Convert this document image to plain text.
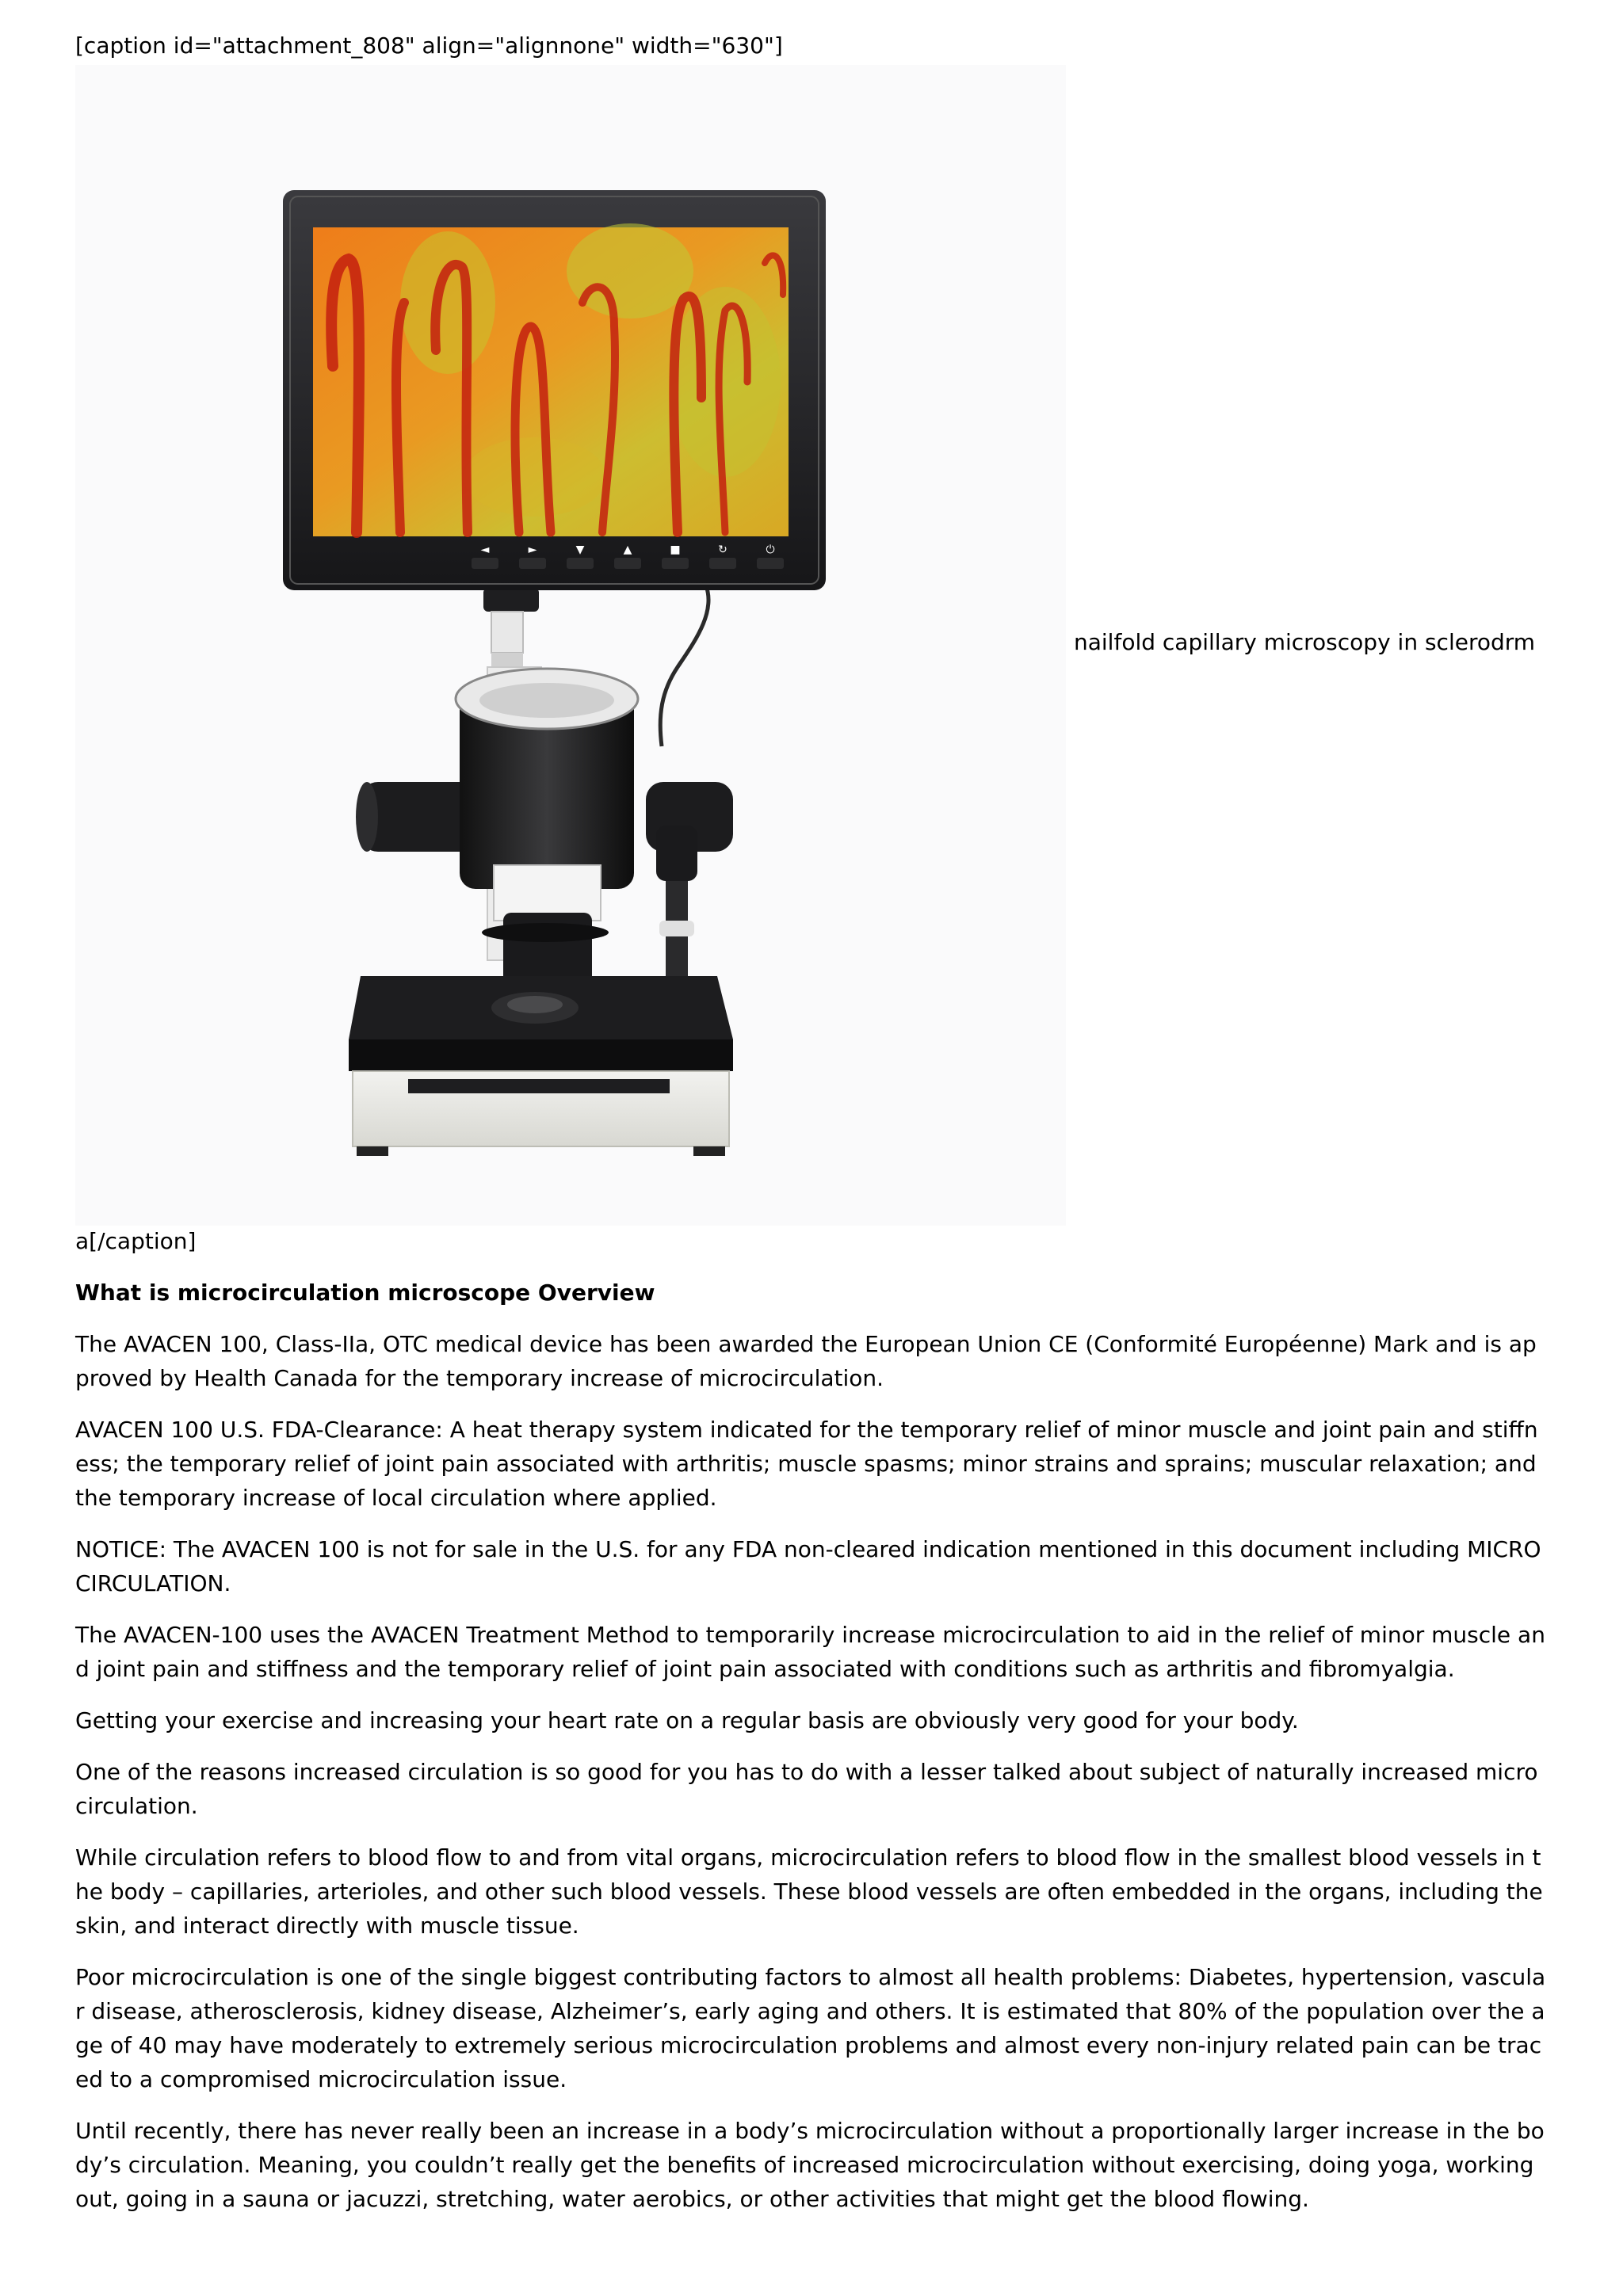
[caption id="attachment_808" align="alignnone" width="630"]

◄	►	▼	▲	■	↻	⏻

nailfold capillary microscopy in sclerodrm

a[/caption]

What is microcirculation microscope Overview

The AVACEN 100, Class-IIa, OTC medical device has been awarded the European Union CE (Conformité Européenne) Mark and is approved by Health Canada for the temporary increase of microcirculation.

AVACEN 100 U.S. FDA-Clearance: A heat therapy system indicated for the temporary relief of minor muscle and joint pain and stiffness; the temporary relief of joint pain associated with arthritis; muscle spasms; minor strains and sprains; muscular relaxation; and the temporary increase of local circulation where applied.

NOTICE: The AVACEN 100 is not for sale in the U.S. for any FDA non-cleared indication mentioned in this document including MICROCIRCULATION.

The AVACEN-100 uses the AVACEN Treatment Method to temporarily increase microcirculation to aid in the relief of minor muscle and joint pain and stiffness and the temporary relief of joint pain associated with conditions such as arthritis and fibromyalgia.

Getting your exercise and increasing your heart rate on a regular basis are obviously very good for your body.

One of the reasons increased circulation is so good for you has to do with a lesser talked about subject of naturally increased microcirculation.

While circulation refers to blood flow to and from vital organs, microcirculation refers to blood flow in the smallest blood vessels in the body – capillaries, arterioles, and other such blood vessels. These blood vessels are often embedded in the organs, including the skin, and interact directly with muscle tissue.

Poor microcirculation is one of the single biggest contributing factors to almost all health problems: Diabetes, hypertension, vascular disease, atherosclerosis, kidney disease, Alzheimer’s, early aging and others. It is estimated that 80% of the population over the age of 40 may have moderately to extremely serious microcirculation problems and almost every non-injury related pain can be traced to a compromised microcirculation issue.

Until recently, there has never really been an increase in a body’s microcirculation without a proportionally larger increase in the body’s circulation. Meaning, you couldn’t really get the benefits of increased microcirculation without exercising, doing yoga, working out, going in a sauna or jacuzzi, stretching, water aerobics, or other activities that might get the blood flowing.
